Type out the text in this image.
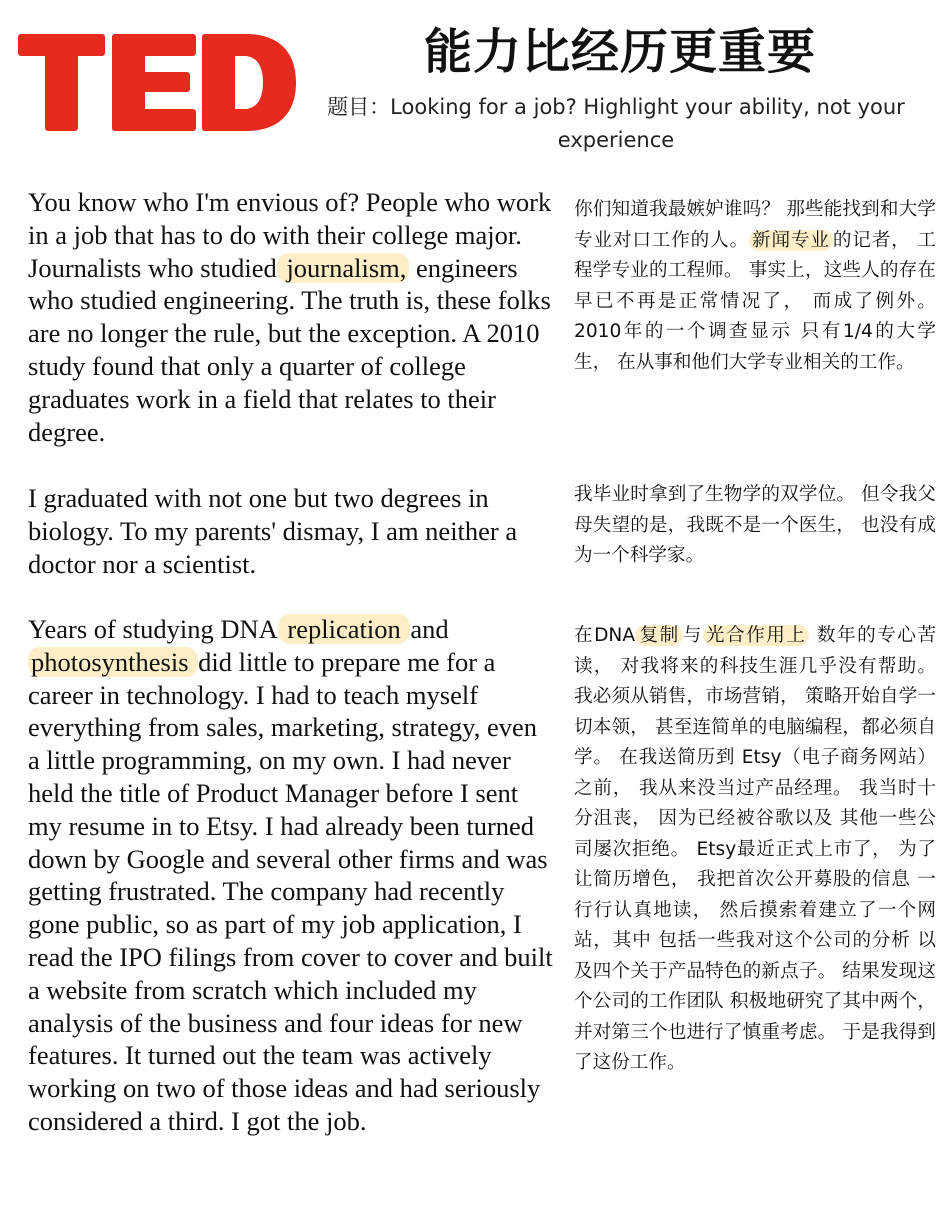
能力比经历更重要

题目：Looking for a job? Highlight your ability, not your experience

You know who I'm envious of? People who work in a job that has to do with their college major. Journalists who studied journalism, engineers who studied engineering. The truth is, these folks are no longer the rule, but the exception. A 2010 study found that only a quarter of college graduates work in a field that relates to their degree.

你们知道我最嫉妒谁吗？ 那些能找到和大学专业对口工作的人。 新闻专业 的记者， 工程学专业的工程师。 事实上，这些人的存在 早已不再是正常情况了， 而成了例外。 2010年的一个调查显示 只有1/4的大学生， 在从事和他们大学专业相关的工作。

I graduated with not one but two degrees in biology. To my parents' dismay, I am neither a doctor nor a scientist.

我毕业时拿到了生物学的双学位。 但令我父母失望的是，我既不是一个医生， 也没有成为一个科学家。

Years of studying DNA replication and photosynthesis did little to prepare me for a career in technology. I had to teach myself everything from sales, marketing, strategy, even a little programming, on my own. I had never held the title of Product Manager before I sent my resume in to Etsy. I had already been turned down by Google and several other firms and was getting frustrated. The company had recently gone public, so as part of my job application, I read the IPO filings from cover to cover and built a website from scratch which included my analysis of the business and four ideas for new features. It turned out the team was actively working on two of those ideas and had seriously considered a third. I got the job.

在DNA 复制 与 光合作用上 数年的专心苦读， 对我将来的科技生涯几乎没有帮助。 我必须从销售，市场营销， 策略开始自学一切本领， 甚至连简单的电脑编程，都必须自学。 在我送简历到 Etsy（电子商务网站）之前， 我从来没当过产品经理。 我当时十分沮丧， 因为已经被谷歌以及 其他一些公司屡次拒绝。 Etsy最近正式上市了， 为了让简历增色， 我把首次公开募股的信息 一行行认真地读， 然后摸索着建立了一个网站，其中 包括一些我对这个公司的分析 以及四个关于产品特色的新点子。 结果发现这个公司的工作团队 积极地研究了其中两个， 并对第三个也进行了慎重考虑。 于是我得到了这份工作。
